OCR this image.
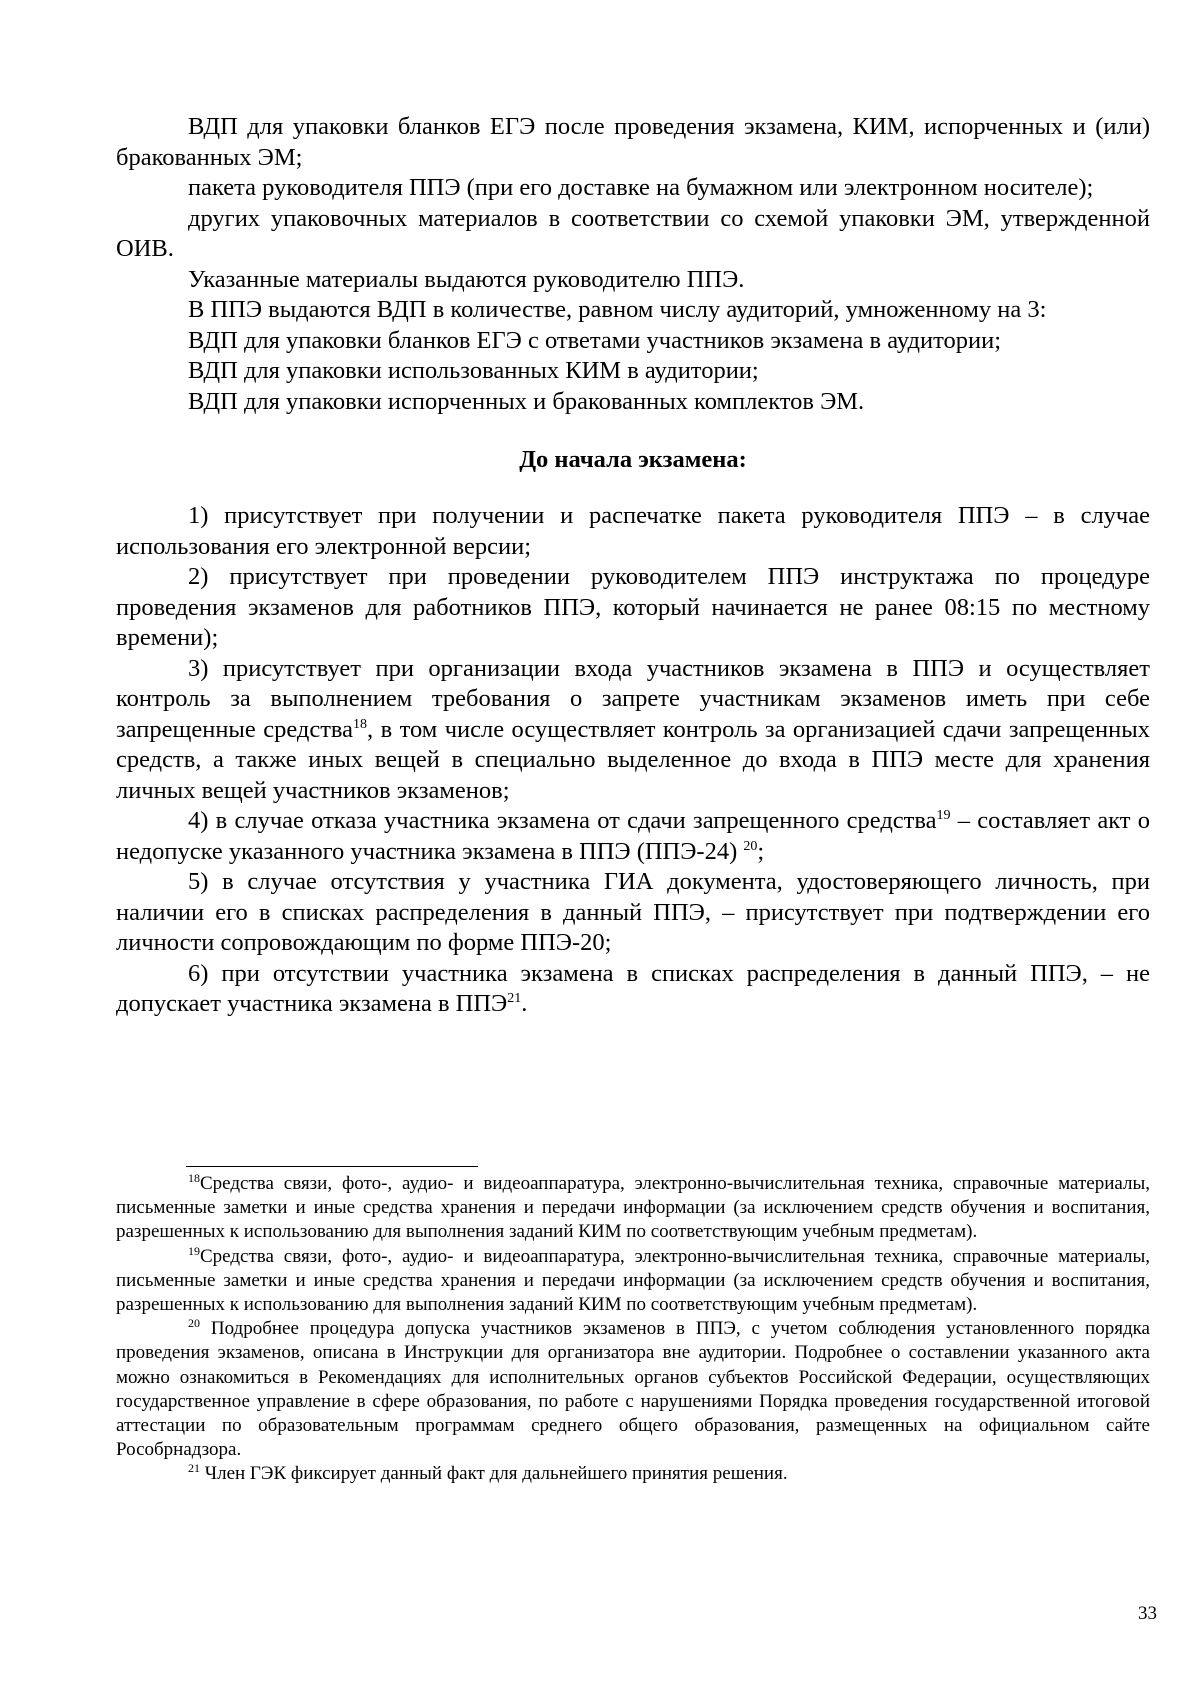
ВДП для упаковки бланков ЕГЭ после проведения экзамена, КИМ, испорченных и (или) бракованных ЭМ;

пакета руководителя ППЭ (при его доставке на бумажном или электронном носителе);

других упаковочных материалов в соответствии со схемой упаковки ЭМ, утвержденной ОИВ.

Указанные материалы выдаются руководителю ППЭ.

В ППЭ выдаются ВДП в количестве, равном числу аудиторий, умноженному на 3:

ВДП для упаковки бланков ЕГЭ с ответами участников экзамена в аудитории;

ВДП для упаковки использованных КИМ в аудитории;

ВДП для упаковки испорченных и бракованных комплектов ЭМ.

До начала экзамена:

1) присутствует при получении и распечатке пакета руководителя ППЭ – в случае использования его электронной версии;

2) присутствует при проведении руководителем ППЭ инструктажа по процедуре проведения экзаменов для работников ППЭ, который начинается не ранее 08:15 по местному времени);

3) присутствует при организации входа участников экзамена в ППЭ и осуществляет контроль за выполнением требования о запрете участникам экзаменов иметь при себе запрещенные средства$^{18}$, в том числе осуществляет контроль за организацией сдачи запрещенных средств, а также иных вещей в специально выделенное до входа в ППЭ месте для хранения личных вещей участников экзаменов;

4) в случае отказа участника экзамена от сдачи запрещенного средства$^{19}$ – составляет акт о недопуске указанного участника экзамена в ППЭ (ППЭ-24) $^{20}$;

5) в случае отсутствия у участника ГИА документа, удостоверяющего личность, при наличии его в списках распределения в данный ППЭ, – присутствует при подтверждении его личности сопровождающим по форме ППЭ-20;

6) при отсутствии участника экзамена в списках распределения в данный ППЭ, – не допускает участника экзамена в ППЭ$^{21}$.

$^{18}$Средства связи, фото-, аудио- и видеоаппаратура, электронно-вычислительная техника, справочные материалы, письменные заметки и иные средства хранения и передачи информации (за исключением средств обучения и воспитания, разрешенных к использованию для выполнения заданий КИМ по соответствующим учебным предметам).

$^{19}$Средства связи, фото-, аудио- и видеоаппаратура, электронно-вычислительная техника, справочные материалы, письменные заметки и иные средства хранения и передачи информации (за исключением средств обучения и воспитания, разрешенных к использованию для выполнения заданий КИМ по соответствующим учебным предметам).

$^{20}$ Подробнее процедура допуска участников экзаменов в ППЭ, с учетом соблюдения установленного порядка проведения экзаменов, описана в Инструкции для организатора вне аудитории. Подробнее о составлении указанного акта можно ознакомиться в Рекомендациях для исполнительных органов субъектов Российской Федерации, осуществляющих государственное управление в сфере образования, по работе с нарушениями Порядка проведения государственной итоговой аттестации по образовательным программам среднего общего образования, размещенных на официальном сайте Рособрнадзора.

$^{21}$ Член ГЭК фиксирует данный факт для дальнейшего принятия решения.

33
